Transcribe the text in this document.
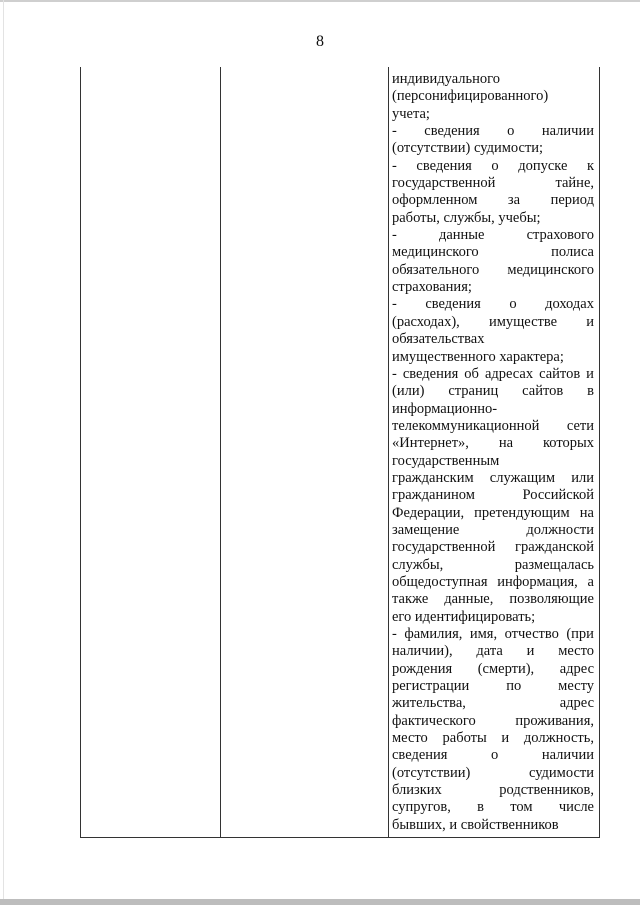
8
индивидуального
(персонифицированного)
учета;
- сведения о наличии
(отсутствии) судимости;
- сведения о допуске к
государственной	тайне,
оформленном за период
работы, службы, учебы;
-	данные	страхового
медицинского	полиса
обязательного медицинского
страхования;
- сведения о доходах
(расходах), имуществе и
обязательствах
имущественного характера;
- сведения об адресах сайтов и
(или) страниц сайтов в
информационно-
телекоммуникационной сети
«Интернет», на которых
государственным
гражданским служащим или
гражданином	Российской
Федерации, претендующим на
замещение	должности
государственной гражданской
службы,	размещалась
общедоступная информация, а
также данные, позволяющие
его идентифицировать;
- фамилия, имя, отчество (при
наличии), дата и место
рождения (смерти), адрес
регистрации	по	месту
жительства,	адрес
фактического	проживания,
место работы и должность,
сведения	о	наличии
(отсутствии)	судимости
близких	родственников,
супругов, в том числе
бывших, и свойственников
